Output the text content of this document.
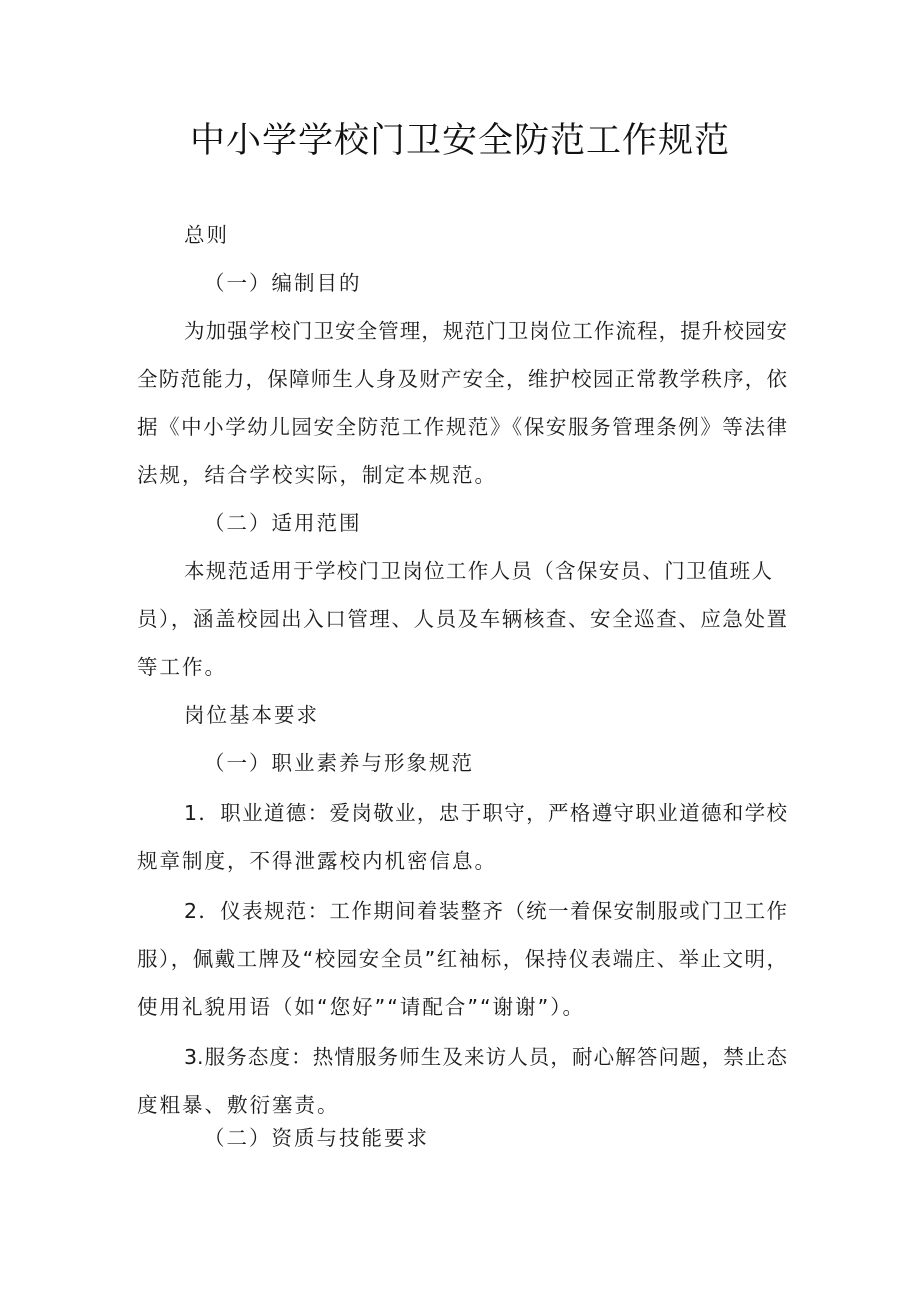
中小学学校门卫安全防范工作规范
总则
（一）编制目的
为加强学校门卫安全管理，规范门卫岗位工作流程，提升校园安
全防范能力，保障师生人身及财产安全，维护校园正常教学秩序，依
据《中小学幼儿园安全防范工作规范》《保安服务管理条例》等法律
法规，结合学校实际，制定本规范。
（二）适用范围
本规范适用于学校门卫岗位工作人员（含保安员、门卫值班人
员），涵盖校园出入口管理、人员及车辆核查、安全巡查、应急处置
等工作。
岗位基本要求
（一）职业素养与形象规范
1．职业道德：爱岗敬业，忠于职守，严格遵守职业道德和学校
规章制度，不得泄露校内机密信息。
2．仪表规范：工作期间着装整齐（统一着保安制服或门卫工作
服），佩戴工牌及“校园安全员”红袖标，保持仪表端庄、举止文明，
使用礼貌用语（如“您好”“请配合”“谢谢”）。
3.服务态度：热情服务师生及来访人员，耐心解答问题，禁止态
度粗暴、敷衍塞责。
（二）资质与技能要求
